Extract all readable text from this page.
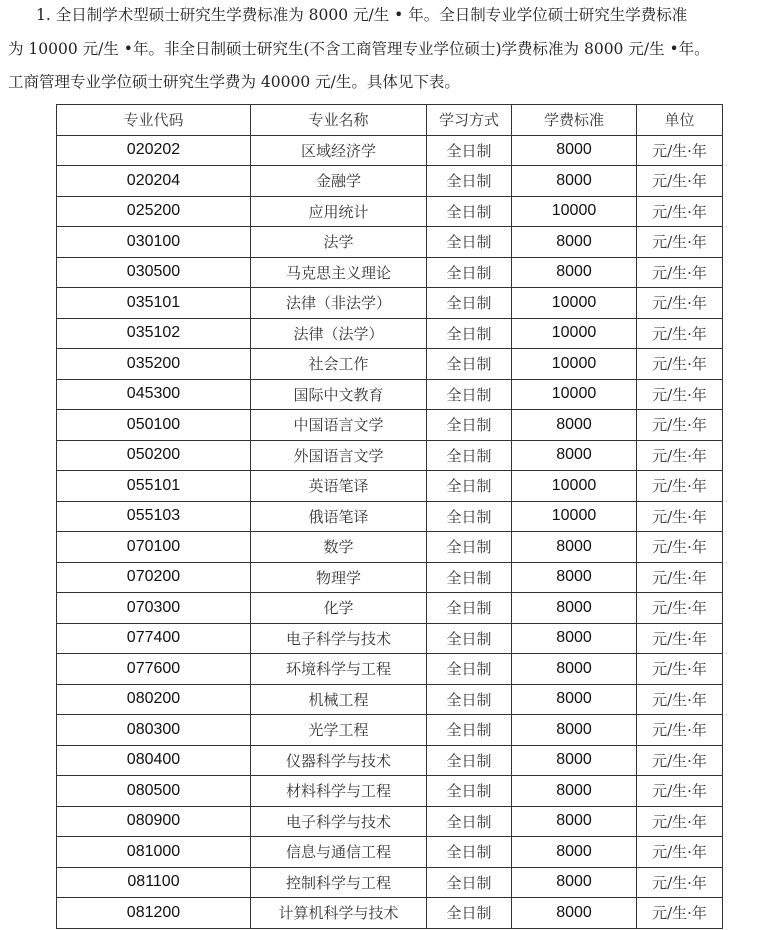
1. 全日制学术型硕士研究生学费标准为 8000 元/生 • 年。全日制专业学位硕士研究生学费标准
为 10000 元/生 •年。非全日制硕士研究生(不含工商管理专业学位硕士)学费标准为 8000 元/生 •年。
工商管理专业学位硕士研究生学费为 40000 元/生。具体见下表。
专业代码	专业名称	学习方式	学费标准	单位
020202	区域经济学	全日制	8000	元/生·年
020204	金融学	全日制	8000	元/生·年
025200	应用统计	全日制	10000	元/生·年
030100	法学	全日制	8000	元/生·年
030500	马克思主义理论	全日制	8000	元/生·年
035101	法律（非法学）	全日制	10000	元/生·年
035102	法律（法学）	全日制	10000	元/生·年
035200	社会工作	全日制	10000	元/生·年
045300	国际中文教育	全日制	10000	元/生·年
050100	中国语言文学	全日制	8000	元/生·年
050200	外国语言文学	全日制	8000	元/生·年
055101	英语笔译	全日制	10000	元/生·年
055103	俄语笔译	全日制	10000	元/生·年
070100	数学	全日制	8000	元/生·年
070200	物理学	全日制	8000	元/生·年
070300	化学	全日制	8000	元/生·年
077400	电子科学与技术	全日制	8000	元/生·年
077600	环境科学与工程	全日制	8000	元/生·年
080200	机械工程	全日制	8000	元/生·年
080300	光学工程	全日制	8000	元/生·年
080400	仪器科学与技术	全日制	8000	元/生·年
080500	材料科学与工程	全日制	8000	元/生·年
080900	电子科学与技术	全日制	8000	元/生·年
081000	信息与通信工程	全日制	8000	元/生·年
081100	控制科学与工程	全日制	8000	元/生·年
081200	计算机科学与技术	全日制	8000	元/生·年
